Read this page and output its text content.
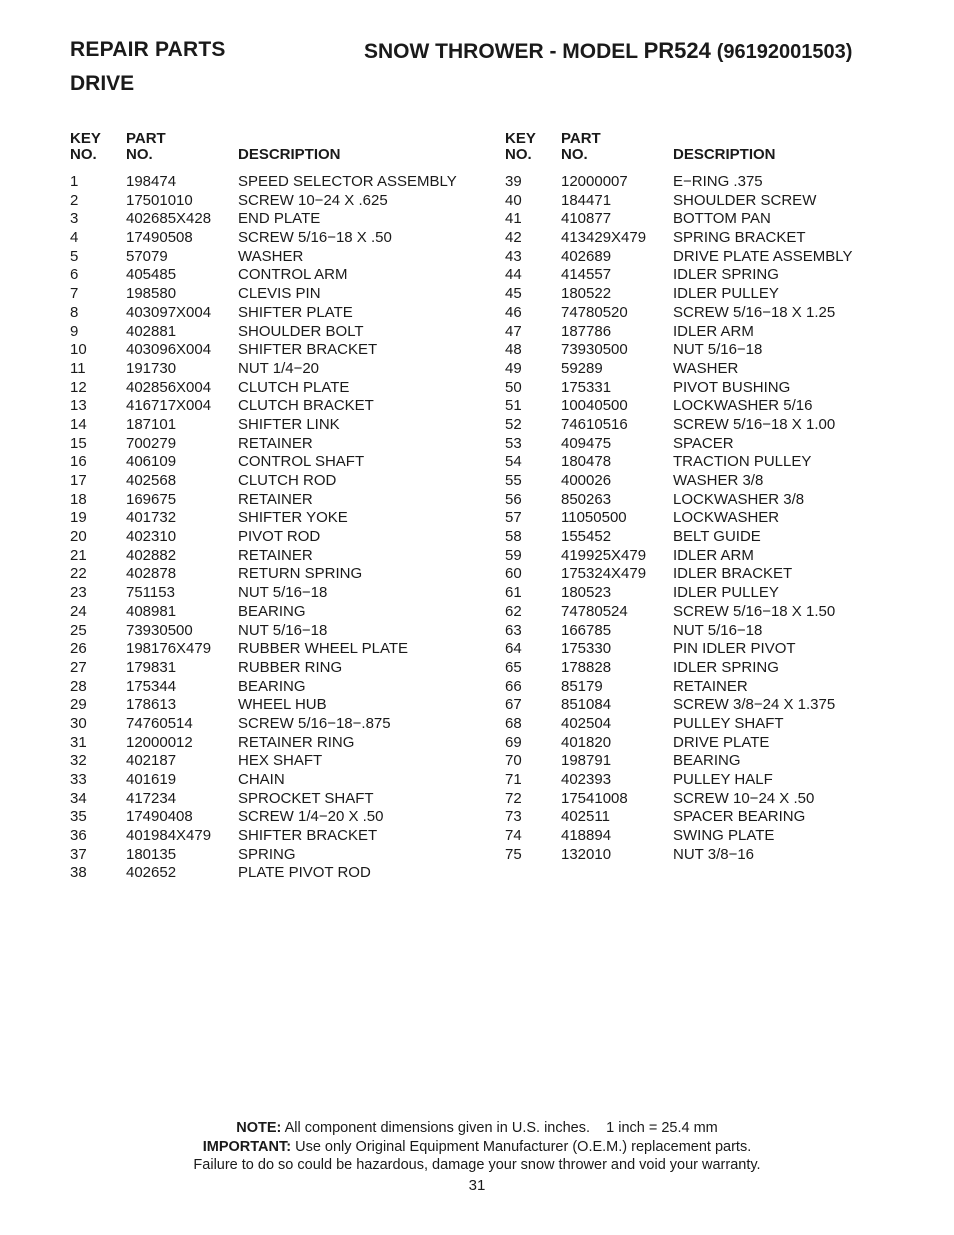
REPAIR PARTS	SNOW THROWER - MODEL PR524 (96192001503)
DRIVE
KEY
NO.
PART
NO.	DESCRIPTION
1	198474	SPEED SELECTOR ASSEMBLY
2	17501010	SCREW 10−24 X .625
3	402685X428 END PLATE
4	17490508	SCREW 5/16−18 X .50
5	57079	WASHER
6	405485	CONTROL ARM
7	198580	CLEVIS PIN
8	403097X004 SHIFTER PLATE
9	402881	SHOULDER BOLT
10	403096X004 SHIFTER BRACKET
11	191730	NUT 1/4−20
12	402856X004 CLUTCH PLATE
13	416717X004 CLUTCH BRACKET
14	187101	SHIFTER LINK
15	700279	RETAINER
16	406109	CONTROL SHAFT
17	402568	CLUTCH ROD
18	169675	RETAINER
19	401732	SHIFTER YOKE
20	402310	PIVOT ROD
21	402882	RETAINER
22	402878	RETURN SPRING
23	751153	NUT 5/16−18
24	408981	BEARING
25	73930500	NUT 5/16−18
26	198176X479 RUBBER WHEEL PLATE
27	179831	RUBBER RING
28	175344	BEARING
29	178613	WHEEL HUB
30	74760514	SCREW 5/16−18−.875
31	12000012	RETAINER RING
32	402187	HEX SHAFT
33	401619	CHAIN
34	417234	SPROCKET SHAFT
35	17490408	SCREW 1/4−20 X .50
36	401984X479 SHIFTER BRACKET
37	180135	SPRING
38	402652	PLATE PIVOT ROD
KEY
NO.
PART
NO.	DESCRIPTION
39	12000007	E−RING .375
40	184471	SHOULDER SCREW
41	410877	BOTTOM PAN
42	413429X479 SPRING BRACKET
43	402689	DRIVE PLATE ASSEMBLY
44	414557	IDLER SPRING
45	180522	IDLER PULLEY
46	74780520	SCREW 5/16−18 X 1.25
47	187786	IDLER ARM
48	73930500	NUT 5/16−18
49	59289	WASHER
50	175331	PIVOT BUSHING
51	10040500	LOCKWASHER 5/16
52	74610516	SCREW 5/16−18 X 1.00
53	409475	SPACER
54	180478	TRACTION PULLEY
55	400026	WASHER 3/8
56	850263	LOCKWASHER 3/8
57	11050500	LOCKWASHER
58	155452	BELT GUIDE
59	419925X479 IDLER ARM
60	175324X479 IDLER BRACKET
61	180523	IDLER PULLEY
62	74780524	SCREW 5/16−18 X 1.50
63	166785	NUT 5/16−18
64	175330	PIN IDLER PIVOT
65	178828	IDLER SPRING
66	85179	RETAINER
67	851084	SCREW 3/8−24 X 1.375
68	402504	PULLEY SHAFT
69	401820	DRIVE PLATE
70	198791	BEARING
71	402393	PULLEY HALF
72	17541008	SCREW 10−24 X .50
73	402511	SPACER BEARING
74	418894	SWING PLATE
75	132010	NUT 3/8−16
NOTE: All component dimensions given in U.S. inches.    1 inch = 25.4 mm
IMPORTANT: Use only Original Equipment Manufacturer (O.E.M.) replacement parts.
Failure to do so could be hazardous, damage your snow thrower and void your warranty.
31
